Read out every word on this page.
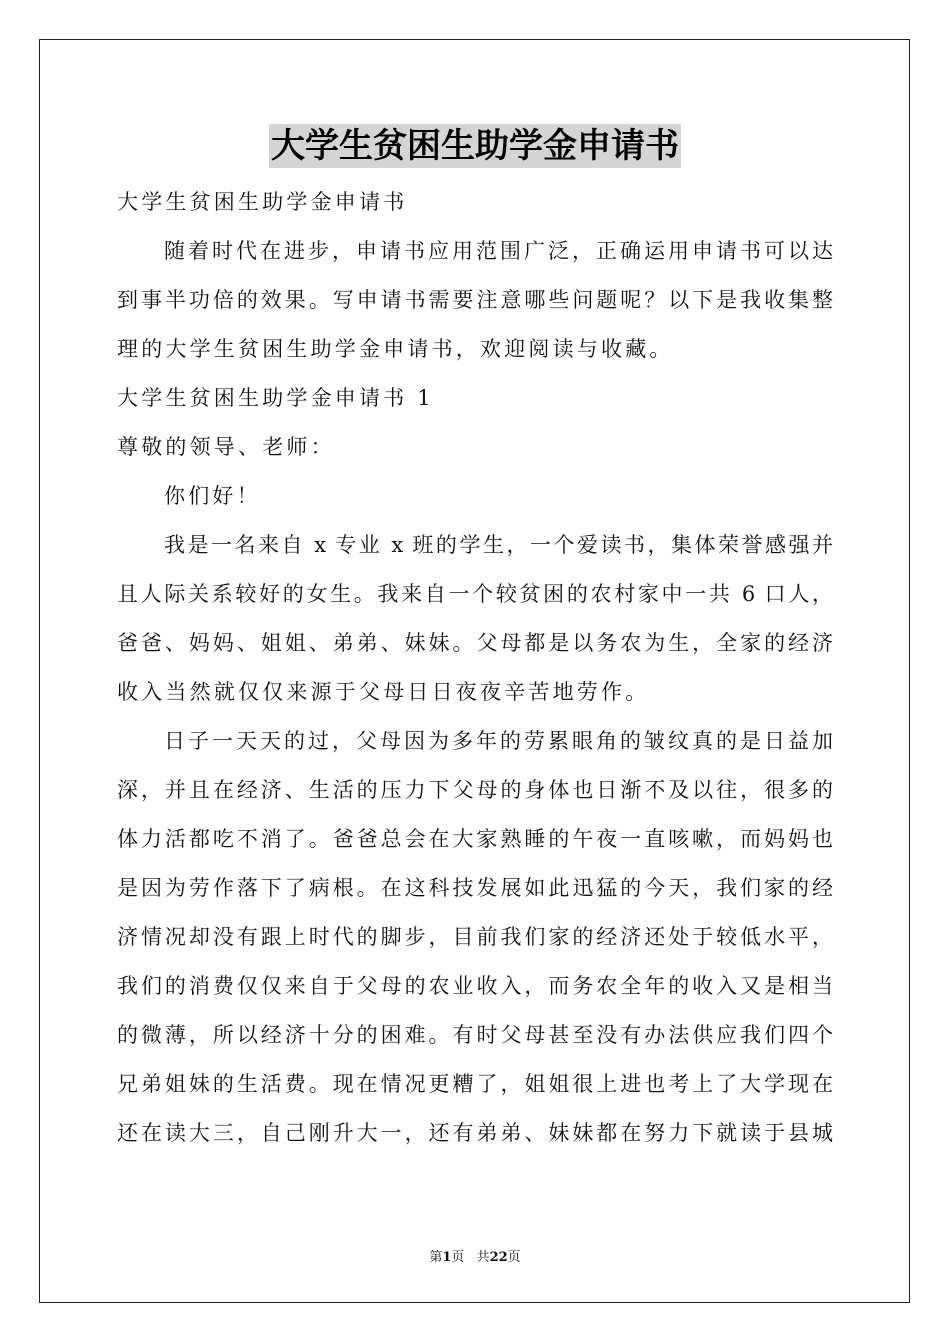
大学生贫困生助学金申请书
大学生贫困生助学金申请书
随着时代在进步，申请书应用范围广泛，正确运用申请书可以达
到事半功倍的效果。写申请书需要注意哪些问题呢？以下是我收集整
理的大学生贫困生助学金申请书，欢迎阅读与收藏。
大学生贫困生助学金申请书 1
尊敬的领导、老师：
你们好！
我是一名来自 x 专业 x 班的学生，一个爱读书，集体荣誉感强并
且人际关系较好的女生。我来自一个较贫困的农村家中一共 6 口人，
爸爸、妈妈、姐姐、弟弟、妹妹。父母都是以务农为生，全家的经济
收入当然就仅仅来源于父母日日夜夜辛苦地劳作。
日子一天天的过，父母因为多年的劳累眼角的皱纹真的是日益加
深，并且在经济、生活的压力下父母的身体也日渐不及以往，很多的
体力活都吃不消了。爸爸总会在大家熟睡的午夜一直咳嗽，而妈妈也
是因为劳作落下了病根。在这科技发展如此迅猛的今天，我们家的经
济情况却没有跟上时代的脚步，目前我们家的经济还处于较低水平，
我们的消费仅仅来自于父母的农业收入，而务农全年的收入又是相当
的微薄，所以经济十分的困难。有时父母甚至没有办法供应我们四个
兄弟姐妹的生活费。现在情况更糟了，姐姐很上进也考上了大学现在
还在读大三，自己刚升大一，还有弟弟、妹妹都在努力下就读于县城
第1页 共22页
